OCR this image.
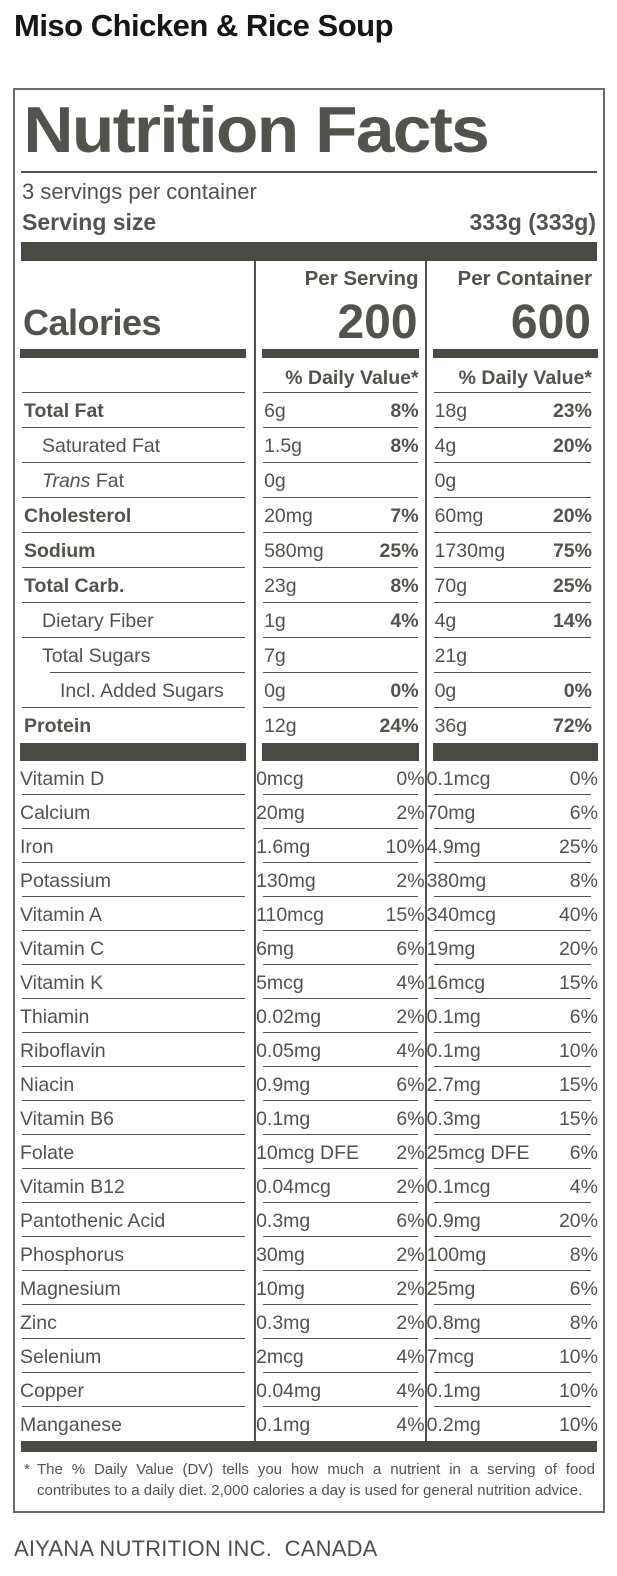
Miso Chicken & Rice Soup
Nutrition Facts
3 servings per container
Serving size	333g (333g)
Per Serving	Per Container
Calories	200	600
% Daily Value*	% Daily Value*
Total Fat	6g	8% 18g	23%
Saturated Fat	1.5g	8% 4g	20%
Trans Fat	0g	0g
Cholesterol	20mg	7% 60mg	20%
Sodium	580mg	25% 1730mg 75%
Total Carb.	23g	8% 70g	25%
Dietary Fiber	1g	4% 4g	14%
Total Sugars	7g	21g
Incl. Added Sugars	0g	0% 0g	0%
Protein	12g	24% 36g	72%
Vitamin D	0mcg	0% 0.1mcg	0%
Calcium	20mg	2% 70mg	6%
Iron	1.6mg	10% 4.9mg	25%
Potassium	130mg	2% 380mg	8%
Vitamin A	110mcg	15% 340mcg	40%
Vitamin C	6mg	6% 19mg	20%
Vitamin K	5mcg	4% 16mcg	15%
Thiamin	0.02mg	2% 0.1mg	6%
Riboflavin	0.05mg	4% 0.1mg	10%
Niacin	0.9mg	6% 2.7mg	15%
Vitamin B6	0.1mg	6% 0.3mg	15%
Folate	10mcg DFE 2% 25mcg DFE 6%
Vitamin B12	0.04mcg	2% 0.1mcg	4%
Pantothenic Acid	0.3mg	6% 0.9mg	20%
Phosphorus	30mg	2% 100mg	8%
Magnesium	10mg	2% 25mg	6%
Zinc	0.3mg	2% 0.8mg	8%
Selenium	2mcg	4% 7mcg	10%
Copper	0.04mg	4% 0.1mg	10%
Manganese	0.1mg	4% 0.2mg	10%
* The % Daily Value (DV) tells you how much a nutrient in a serving of food contributes to a daily diet. 2,000 calories a day is used for general nutrition advice.
AIYANA NUTRITION INC.  CANADA
